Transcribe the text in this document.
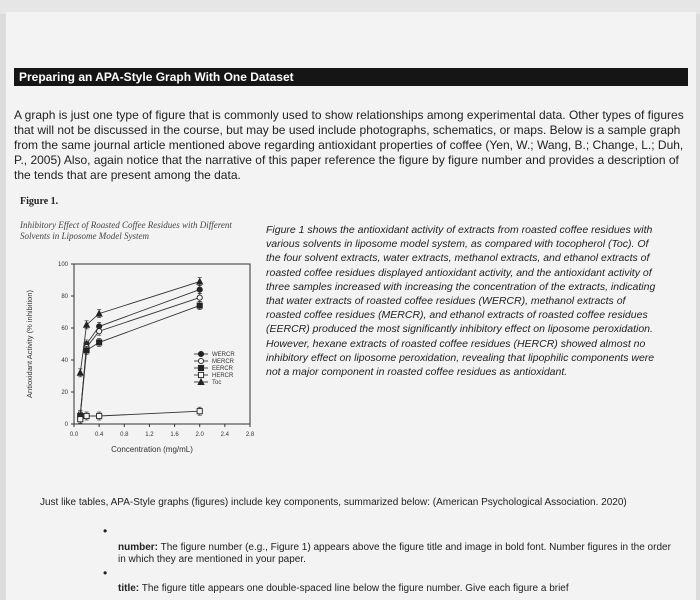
Preparing an APA-Style Graph With One Dataset
A graph is just one type of figure that is commonly used to show relationships among experimental data. Other types of figures that will not be discussed in the course, but may be used include photographs, schematics, or maps. Below is a sample graph from the same journal article mentioned above regarding antioxidant properties of coffee (Yen, W.; Wang, B.; Change, L.; Duh, P., 2005) Also, again notice that the narrative of this paper reference the figure by figure number and provides a description of the tends that are present among the data.
Figure 1.
Inhibitory Effect of Roasted Coffee Residues with Different Solvents in Liposome Model System
0
20
40
60
80
100
0.0	0.4	0.8	1.2	1.6	2.0	2.4	2.8
Concentration (mg/mL)
Antioxidant Activity (% inhibition)	WERCR
MERCR
EERCR
HERCR
Toc
Figure 1 shows the antioxidant activity of extracts from roasted coffee residues with various solvents in liposome model system, as compared with tocopherol (Toc). Of the four solvent extracts, water extracts, methanol extracts, and ethanol extracts of roasted coffee residues displayed antioxidant activity, and the antioxidant activity of three samples increased with increasing the concentration of the extracts, indicating that water extracts of roasted coffee residues (WERCR), methanol extracts of roasted coffee residues (MERCR), and ethanol extracts of roasted coffee residues (EERCR) produced the most significantly inhibitory effect on liposome peroxidation. However, hexane extracts of roasted coffee residues (HERCR) showed almost no inhibitory effect on liposome peroxidation, revealing that lipophilic components were not a major component in roasted coffee residues as antioxidant.
Just like tables, APA-Style graphs (figures) include key components, summarized below: (American Psychological Association. 2020)
•
number: The figure number (e.g., Figure 1) appears above the figure title and image in bold font. Number figures in the order in which they are mentioned in your paper.
•
title: The figure title appears one double-spaced line below the figure number. Give each figure a brief
